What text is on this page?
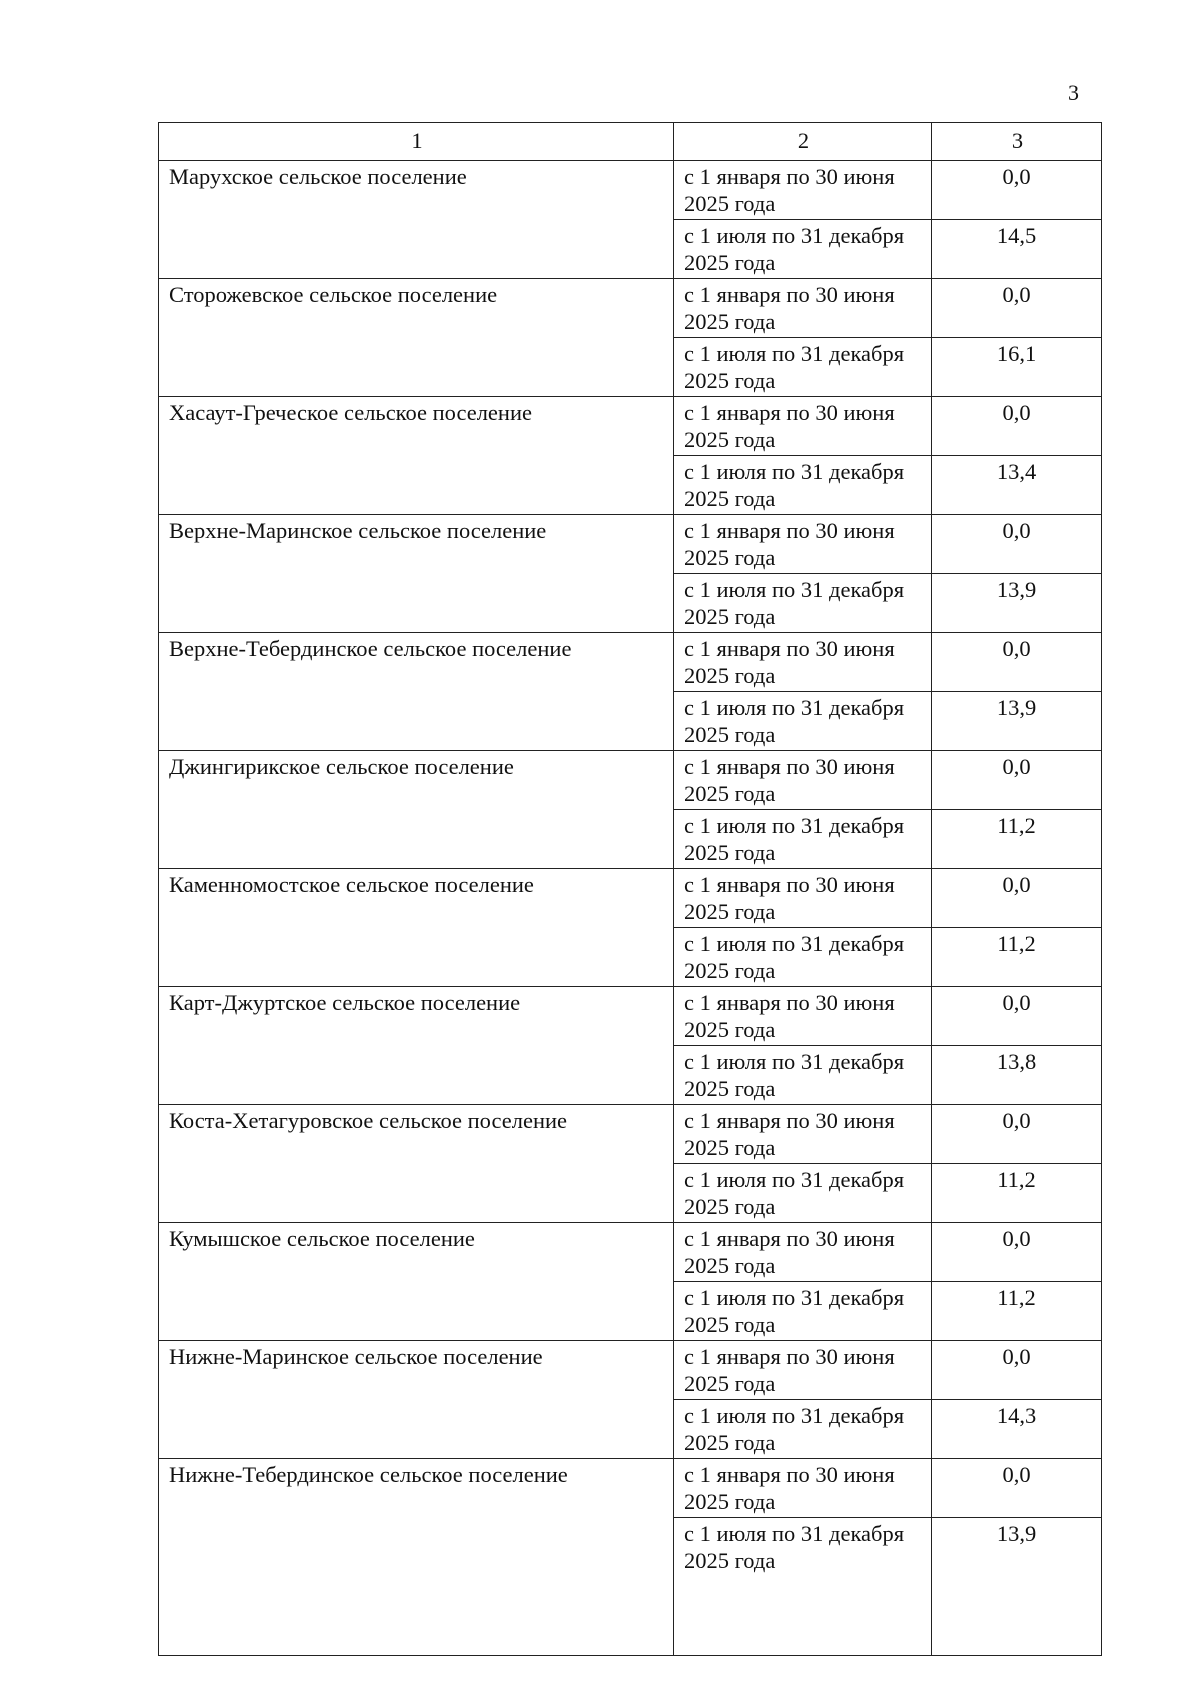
3
1	2	3
Марухское сельское поселение	с 1 января по 30 июня 2025 года	0,0
	с 1 июля по 31 декабря 2025 года	14,5
Сторожевское сельское поселение	с 1 января по 30 июня 2025 года	0,0
	с 1 июля по 31 декабря 2025 года	16,1
Хасаут-Греческое сельское поселение	с 1 января по 30 июня 2025 года	0,0
	с 1 июля по 31 декабря 2025 года	13,4
Верхне-Маринское сельское поселение	с 1 января по 30 июня 2025 года	0,0
	с 1 июля по 31 декабря 2025 года	13,9
Верхне-Тебердинское сельское поселение	с 1 января по 30 июня 2025 года	0,0
	с 1 июля по 31 декабря 2025 года	13,9
Джингирикское сельское поселение	с 1 января по 30 июня 2025 года	0,0
	с 1 июля по 31 декабря 2025 года	11,2
Каменномостское сельское поселение	с 1 января по 30 июня 2025 года	0,0
	с 1 июля по 31 декабря 2025 года	11,2
Карт-Джуртское сельское поселение	с 1 января по 30 июня 2025 года	0,0
	с 1 июля по 31 декабря 2025 года	13,8
Коста-Хетагуровское сельское поселение	с 1 января по 30 июня 2025 года	0,0
	с 1 июля по 31 декабря 2025 года	11,2
Кумышское сельское поселение	с 1 января по 30 июня 2025 года	0,0
	с 1 июля по 31 декабря 2025 года	11,2
Нижне-Маринское сельское поселение	с 1 января по 30 июня 2025 года	0,0
	с 1 июля по 31 декабря 2025 года	14,3
Нижне-Тебердинское сельское поселение	с 1 января по 30 июня 2025 года	0,0
	с 1 июля по 31 декабря 2025 года	13,9
